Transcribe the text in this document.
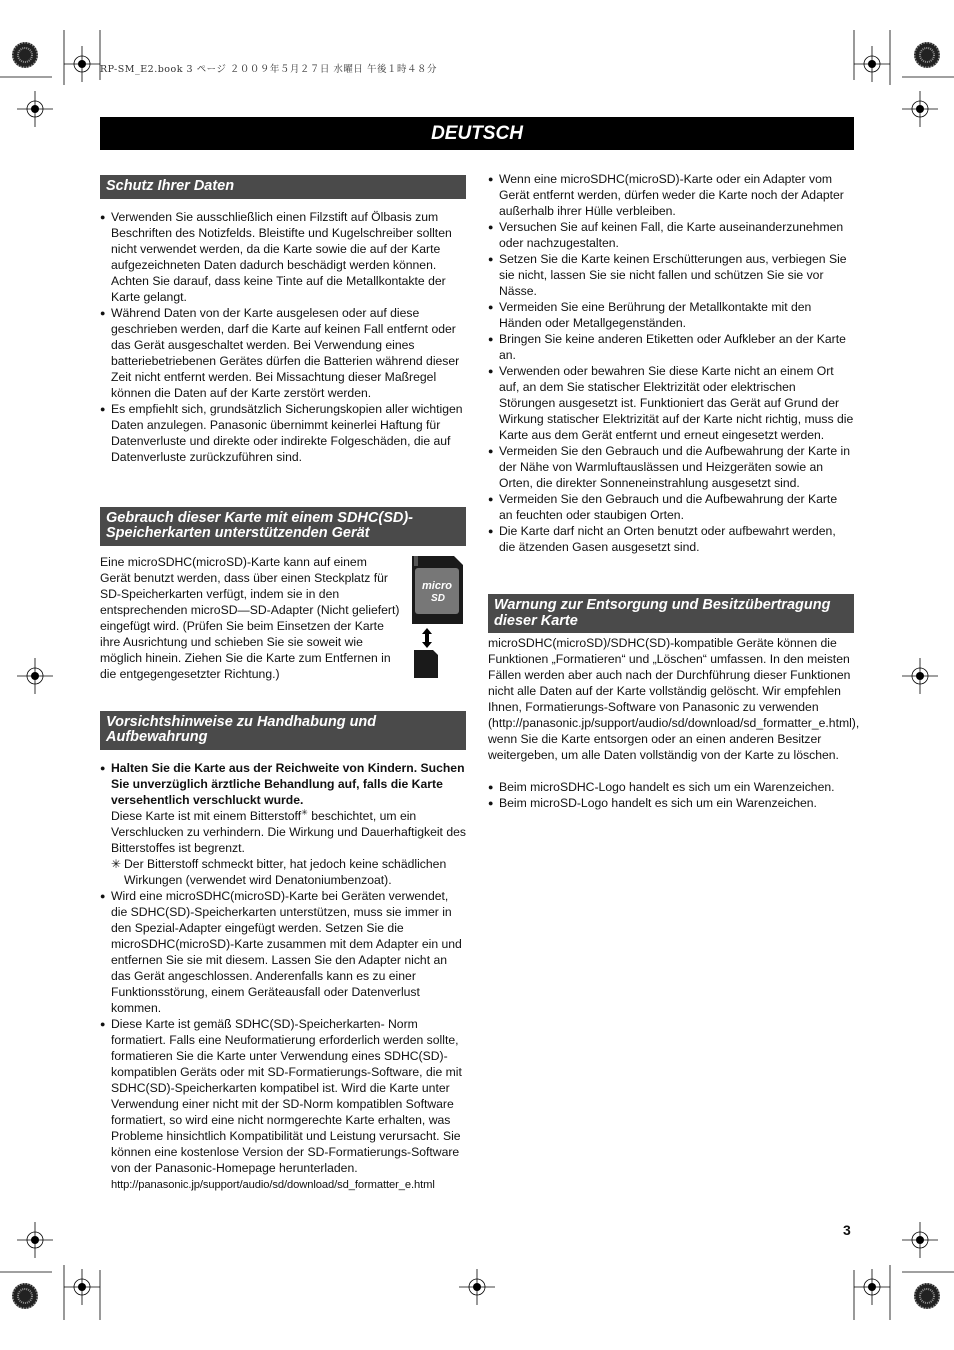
RP-SM_E2.book 3 ページ ２００９年５月２７日 水曜日 午後１時４８分
DEUTSCH
Schutz Ihrer Daten
● Verwenden Sie ausschließlich einen Filzstift auf Ölbasis zum Beschriften des Notizfelds. Bleistifte und Kugelschreiber sollten nicht verwendet werden, da die Karte sowie die auf der Karte aufgezeichneten Daten dadurch beschädigt werden können. Achten Sie darauf, dass keine Tinte auf die Metallkontakte der Karte gelangt.
● Während Daten von der Karte ausgelesen oder auf diese geschrieben werden, darf die Karte auf keinen Fall entfernt oder das Gerät ausgeschaltet werden. Bei Verwendung eines batteriebetriebenen Gerätes dürfen die Batterien während dieser Zeit nicht entfernt werden. Bei Missachtung dieser Maßregel können die Daten auf der Karte zerstört werden.
● Es empfiehlt sich, grundsätzlich Sicherungskopien aller wichtigen Daten anzulegen. Panasonic übernimmt keinerlei Haftung für Datenverluste und direkte oder indirekte Folgeschäden, die auf Datenverluste zurückzuführen sind.
Gebrauch dieser Karte mit einem SDHC(SD)-Speicherkarten unterstützenden Gerät

Eine microSDHC(microSD)-Karte kann auf einem Gerät benutzt werden, dass über einen Steckplatz für SD-Speicherkarten verfügt, indem sie in den entsprechenden microSD—SD-Adapter (Nicht geliefert) eingefügt wird. (Prüfen Sie beim Einsetzen der Karte ihre Ausrichtung und schieben Sie sie soweit wie möglich hinein. Ziehen Sie die Karte zum Entfernen in die entgegengesetzter Richtung.)

micro
SD
Vorsichtshinweise zu Handhabung und Aufbewahrung
● Halten Sie die Karte aus der Reichweite von Kindern. Suchen Sie unverzüglich ärztliche Behandlung auf, falls die Karte versehentlich verschluckt wurde.
Diese Karte ist mit einem Bitterstoff✳ beschichtet, um ein Verschlucken zu verhindern. Die Wirkung und Dauerhaftigkeit des Bitterstoffes ist begrenzt.
✳ Der Bitterstoff schmeckt bitter, hat jedoch keine schädlichen Wirkungen (verwendet wird Denatoniumbenzoat).
● Wird eine microSDHC(microSD)-Karte bei Geräten verwendet, die SDHC(SD)-Speicherkarten unterstützen, muss sie immer in den Spezial-Adapter eingefügt werden. Setzen Sie die microSDHC(microSD)-Karte zusammen mit dem Adapter ein und entfernen Sie sie mit diesem. Lassen Sie den Adapter nicht an das Gerät angeschlossen. Anderenfalls kann es zu einer Funktionsstörung, einem Geräteausfall oder Datenverlust kommen.
● Diese Karte ist gemäß SDHC(SD)-Speicherkarten- Norm formatiert. Falls eine Neuformatierung erforderlich werden sollte, formatieren Sie die Karte unter Verwendung eines SDHC(SD)-kompatiblen Geräts oder mit SD-Formatierungs-Software, die mit SDHC(SD)-Speicherkarten kompatibel ist. Wird die Karte unter Verwendung einer nicht mit der SD-Norm kompatiblen Software formatiert, so wird eine nicht normgerechte Karte erhalten, was Probleme hinsichtlich Kompatibilität und Leistung verursacht. Sie können eine kostenlose Version der SD-Formatierungs-Software von der Panasonic-Homepage herunterladen.
http://panasonic.jp/support/audio/sd/download/sd_formatter_e.html
● Wenn eine microSDHC(microSD)-Karte oder ein Adapter vom Gerät entfernt werden, dürfen weder die Karte noch der Adapter außerhalb ihrer Hülle verbleiben.
● Versuchen Sie auf keinen Fall, die Karte auseinanderzunehmen oder nachzugestalten.
● Setzen Sie die Karte keinen Erschütterungen aus, verbiegen Sie sie nicht, lassen Sie sie nicht fallen und schützen Sie sie vor Nässe.
● Vermeiden Sie eine Berührung der Metallkontakte mit den Händen oder Metallgegenständen.
● Bringen Sie keine anderen Etiketten oder Aufkleber an der Karte an.
● Verwenden oder bewahren Sie diese Karte nicht an einem Ort auf, an dem Sie statischer Elektrizität oder elektrischen Störungen ausgesetzt ist. Funktioniert das Gerät auf Grund der Wirkung statischer Elektrizität auf der Karte nicht richtig, muss die Karte aus dem Gerät entfernt und erneut eingesetzt werden.
● Vermeiden Sie den Gebrauch und die Aufbewahrung der Karte in der Nähe von Warmluftauslässen und Heizgeräten sowie an Orten, die direkter Sonneneinstrahlung ausgesetzt sind.
● Vermeiden Sie den Gebrauch und die Aufbewahrung der Karte an feuchten oder staubigen Orten.
● Die Karte darf nicht an Orten benutzt oder aufbewahrt werden, die ätzenden Gasen ausgesetzt sind.
Warnung zur Entsorgung und Besitzübertragung dieser Karte

microSDHC(microSD)/SDHC(SD)-kompatible Geräte können die Funktionen „Formatieren“ und „Löschen“ umfassen. In den meisten Fällen werden aber auch nach der Durchführung dieser Funktionen nicht alle Daten auf der Karte vollständig gelöscht. Wir empfehlen Ihnen, Formatierungs-Software von Panasonic zu verwenden (http://panasonic.jp/support/audio/sd/download/sd_formatter_e.html), wenn Sie die Karte entsorgen oder an einen anderen Besitzer weitergeben, um alle Daten vollständig von der Karte zu löschen.

● Beim microSDHC-Logo handelt es sich um ein Warenzeichen.
● Beim microSD-Logo handelt es sich um ein Warenzeichen.
3
